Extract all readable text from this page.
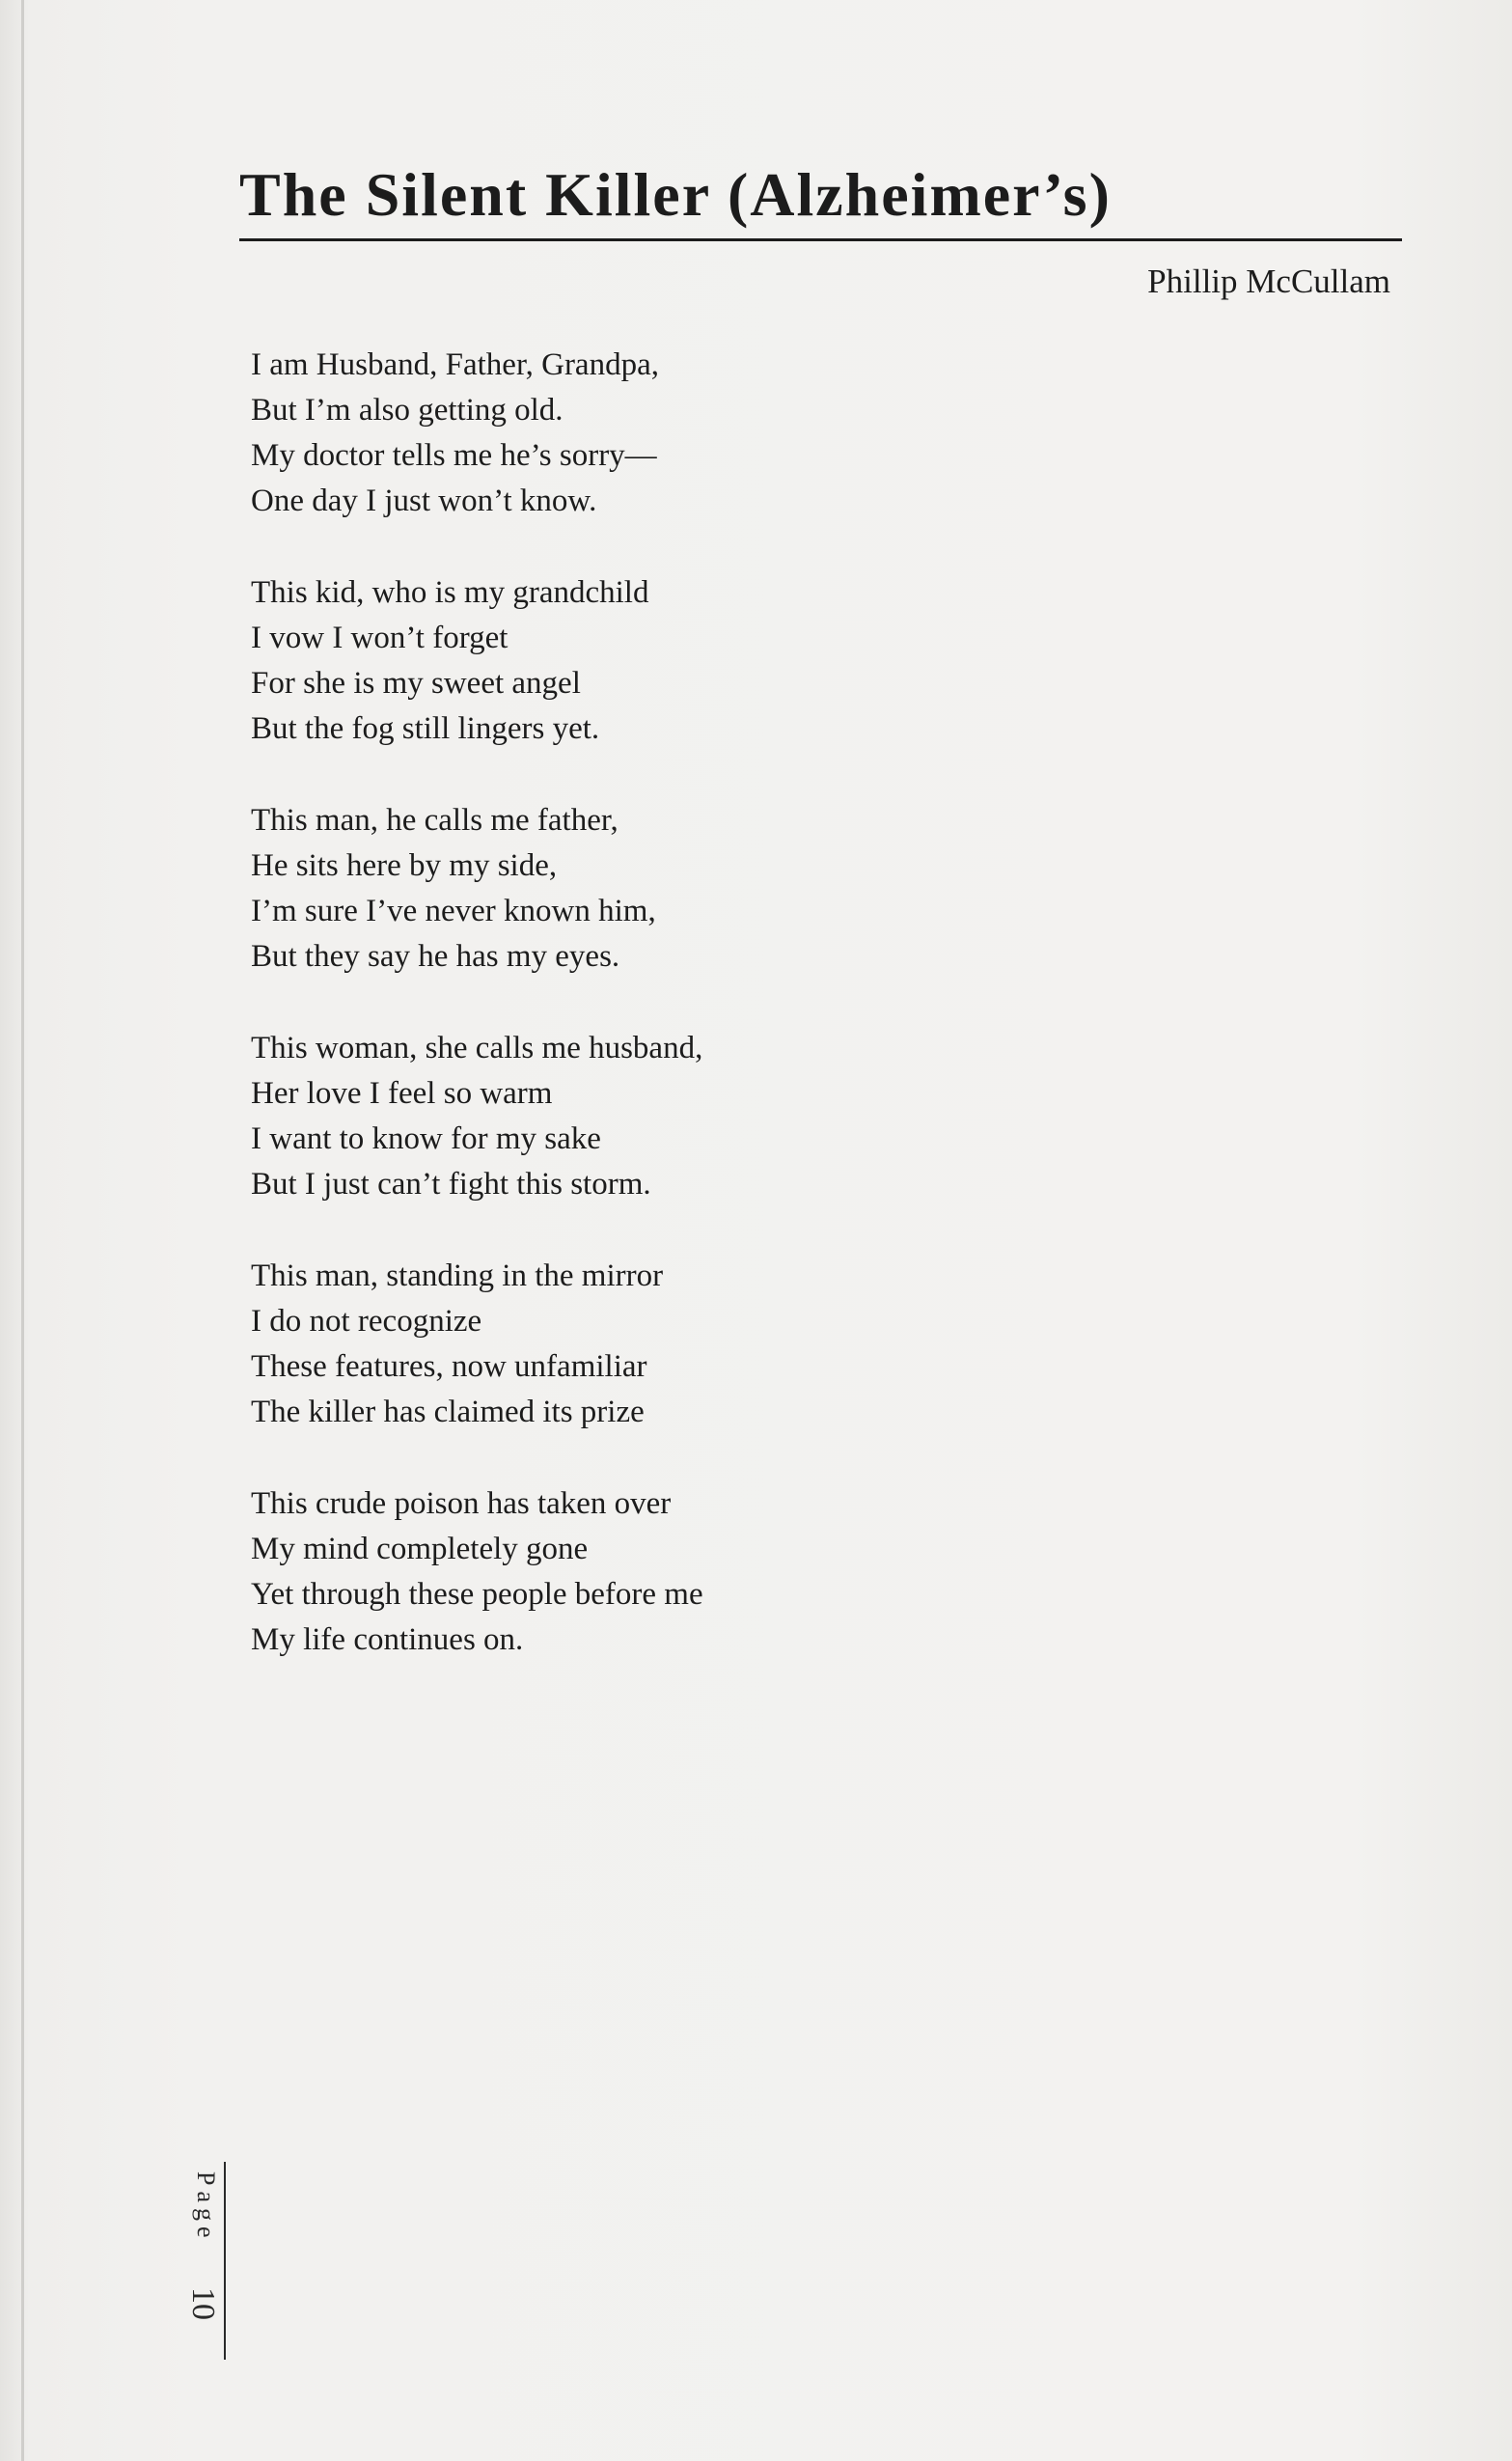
The Silent Killer (Alzheimer’s)
Phillip McCullam
I am Husband, Father, Grandpa,
But I’m also getting old.
My doctor tells me he’s sorry—
One day I just won’t know.
This kid, who is my grandchild
I vow I won’t forget
For she is my sweet angel
But the fog still lingers yet.
This man, he calls me father,
He sits here by my side,
I’m sure I’ve never known him,
But they say he has my eyes.
This woman, she calls me husband,
Her love I feel so warm
I want to know for my sake
But I just can’t fight this storm.
This man, standing in the mirror
I do not recognize
These features, now unfamiliar
The killer has claimed its prize
This crude poison has taken over
My mind completely gone
Yet through these people before me
My life continues on.
Page
10
